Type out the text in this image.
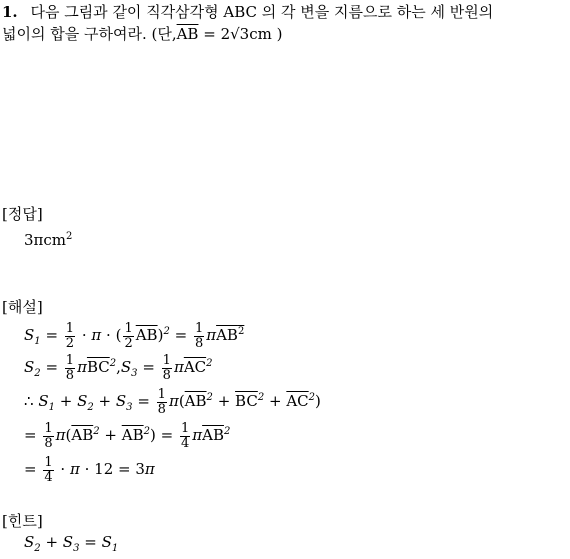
1. 다음 그림과 같이 직각삼각형 ABC 의 각 변을 지름으로 하는 세 반원의
넓이의 합을 구하여라. (단$,\overline{AB} = 2√3cm$ )
[정답]
3πcm$^2$
[해설]
$S_1 = \frac{1}{2} \cdot \pi$ · ( $\frac{1}{2} \overline{AB})^2 = \frac{1}{8} \pi AB^2$
$S_2 = \frac{1}{8} \pi\overline{BC}^2,S_3 = \frac{1}{8} \pi\overline{AC}^2$
∴ $S_1 + S_2 + S_3 = \frac{1}{8} \pi(\overline{AB}^2 + \overline{BC}^2 + \overline{AC}^2)$
= $\frac{1}{8} \pi(\overline{AB}^2 + \overline{AB}^2) = \frac{1}{4} \pi\overline{AB}^2$
= $\frac{1}{4} \cdot \pi \cdot 12 = 3\pi$
[힌트]
$S_2 + S_3 = S_1$
